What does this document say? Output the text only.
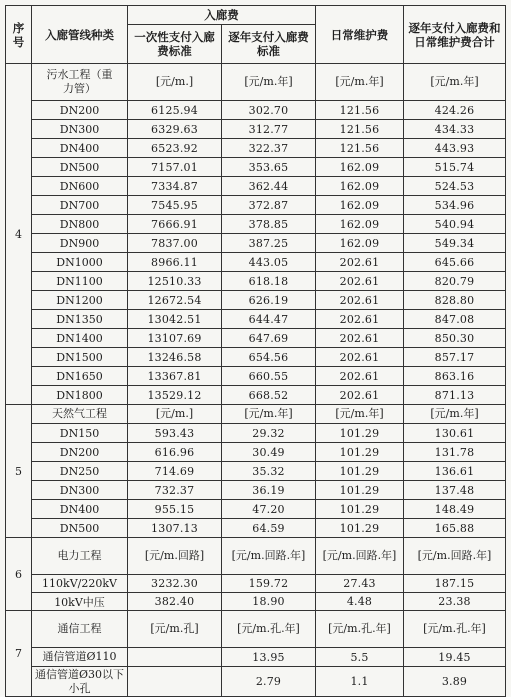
序号	入廊管线种类	入廊费		日常维护费	逐年支付入廊费和日常维护费合计
		一次性支付入廊费标准	逐年支付入廊费标准		
4	污水工程（重力管）	[元/m.]	[元/m.年]	[元/m.年]	[元/m.年]
	DN200	6125.94	302.70	121.56	424.26
	DN300	6329.63	312.77	121.56	434.33
	DN400	6523.92	322.37	121.56	443.93
	DN500	7157.01	353.65	162.09	515.74
	DN600	7334.87	362.44	162.09	524.53
	DN700	7545.95	372.87	162.09	534.96
	DN800	7666.91	378.85	162.09	540.94
	DN900	7837.00	387.25	162.09	549.34
	DN1000	8966.11	443.05	202.61	645.66
	DN1100	12510.33	618.18	202.61	820.79
	DN1200	12672.54	626.19	202.61	828.80
	DN1350	13042.51	644.47	202.61	847.08
	DN1400	13107.69	647.69	202.61	850.30
	DN1500	13246.58	654.56	202.61	857.17
	DN1650	13367.81	660.55	202.61	863.16
	DN1800	13529.12	668.52	202.61	871.13
5	天然气工程	[元/m.]	[元/m.年]	[元/m.年]	[元/m.年]
	DN150	593.43	29.32	101.29	130.61
	DN200	616.96	30.49	101.29	131.78
	DN250	714.69	35.32	101.29	136.61
	DN300	732.37	36.19	101.29	137.48
	DN400	955.15	47.20	101.29	148.49
	DN500	1307.13	64.59	101.29	165.88
6	电力工程	[元/m.回路]	[元/m.回路.年]	[元/m.回路.年]	[元/m.回路.年]
	110kV/220kV	3232.30	159.72	27.43	187.15
	10kV中压	382.40	18.90	4.48	23.38
7	通信工程	[元/m.孔]	[元/m.孔.年]	[元/m.孔.年]	[元/m.孔.年]
	通信管道Ø110		13.95	5.5	19.45
	通信管道Ø30以下小孔		2.79	1.1	3.89
